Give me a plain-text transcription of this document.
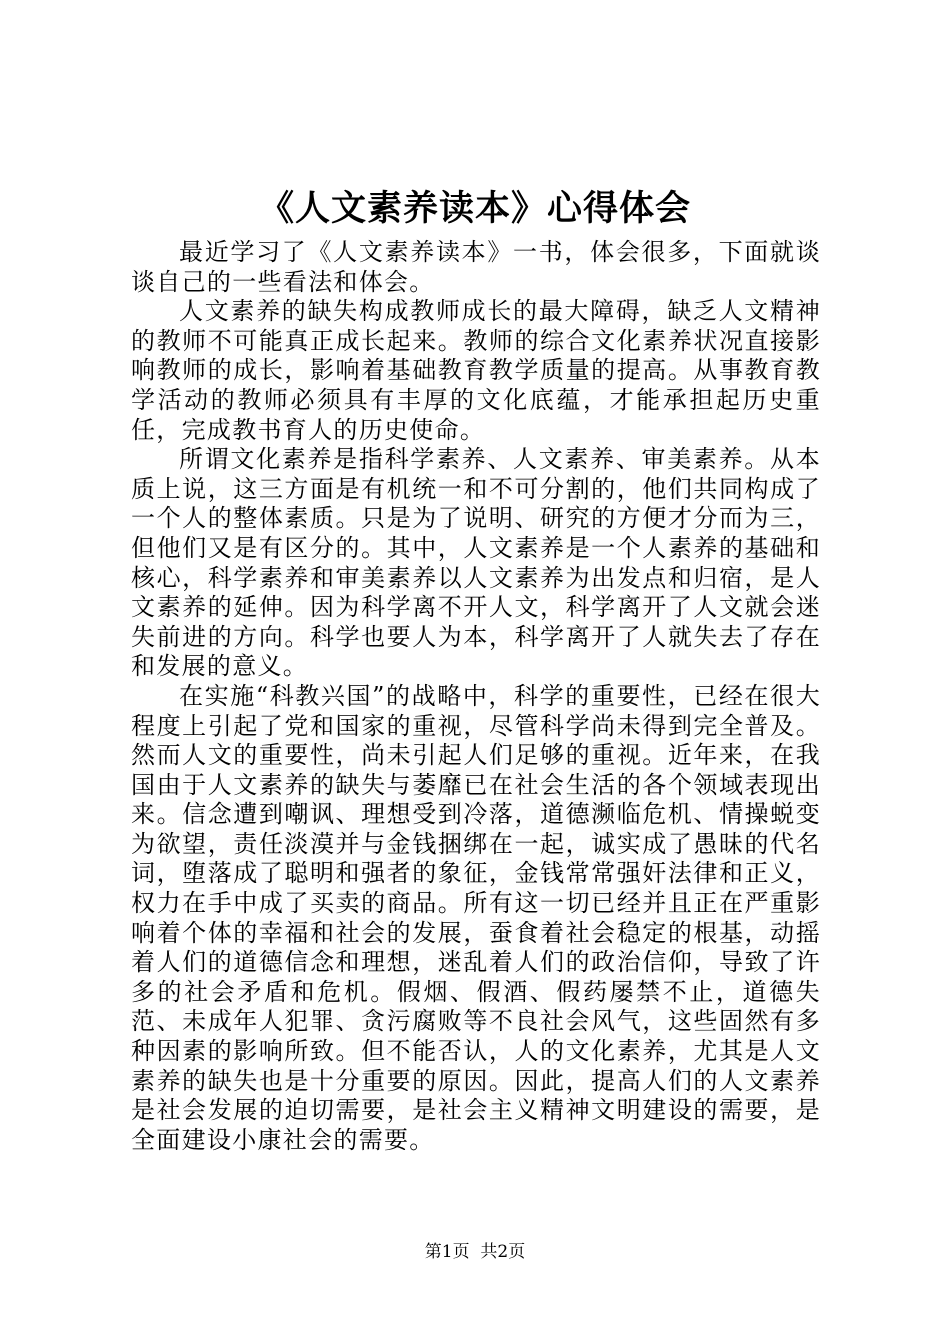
《人文素养读本》心得体会

最近学习了《人文素养读本》一书，体会很多，下面就谈谈自己的一些看法和体会。

人文素养的缺失构成教师成长的最大障碍，缺乏人文精神的教师不可能真正成长起来。教师的综合文化素养状况直接影响教师的成长，影响着基础教育教学质量的提高。从事教育教学活动的教师必须具有丰厚的文化底蕴，才能承担起历史重任，完成教书育人的历史使命。

所谓文化素养是指科学素养、人文素养、审美素养。从本质上说，这三方面是有机统一和不可分割的，他们共同构成了一个人的整体素质。只是为了说明、研究的方便才分而为三，但他们又是有区分的。其中，人文素养是一个人素养的基础和核心，科学素养和审美素养以人文素养为出发点和归宿，是人文素养的延伸。因为科学离不开人文，科学离开了人文就会迷失前进的方向。科学也要人为本，科学离开了人就失去了存在和发展的意义。

在实施“科教兴国”的战略中，科学的重要性，已经在很大程度上引起了党和国家的重视，尽管科学尚未得到完全普及。然而人文的重要性，尚未引起人们足够的重视。近年来，在我国由于人文素养的缺失与萎靡已在社会生活的各个领域表现出来。信念遭到嘲讽、理想受到冷落，道德濒临危机、情操蜕变为欲望，责任淡漠并与金钱捆绑在一起，诚实成了愚昧的代名词，堕落成了聪明和强者的象征，金钱常常强奸法律和正义，权力在手中成了买卖的商品。所有这一切已经并且正在严重影响着个体的幸福和社会的发展，蚕食着社会稳定的根基，动摇着人们的道德信念和理想，迷乱着人们的政治信仰，导致了许多的社会矛盾和危机。假烟、假酒、假药屡禁不止，道德失范、未成年人犯罪、贪污腐败等不良社会风气，这些固然有多种因素的影响所致。但不能否认，人的文化素养，尤其是人文素养的缺失也是十分重要的原因。因此，提高人们的人文素养是社会发展的迫切需要，是社会主义精神文明建设的需要，是全面建设小康社会的需要。

第1页 共2页
